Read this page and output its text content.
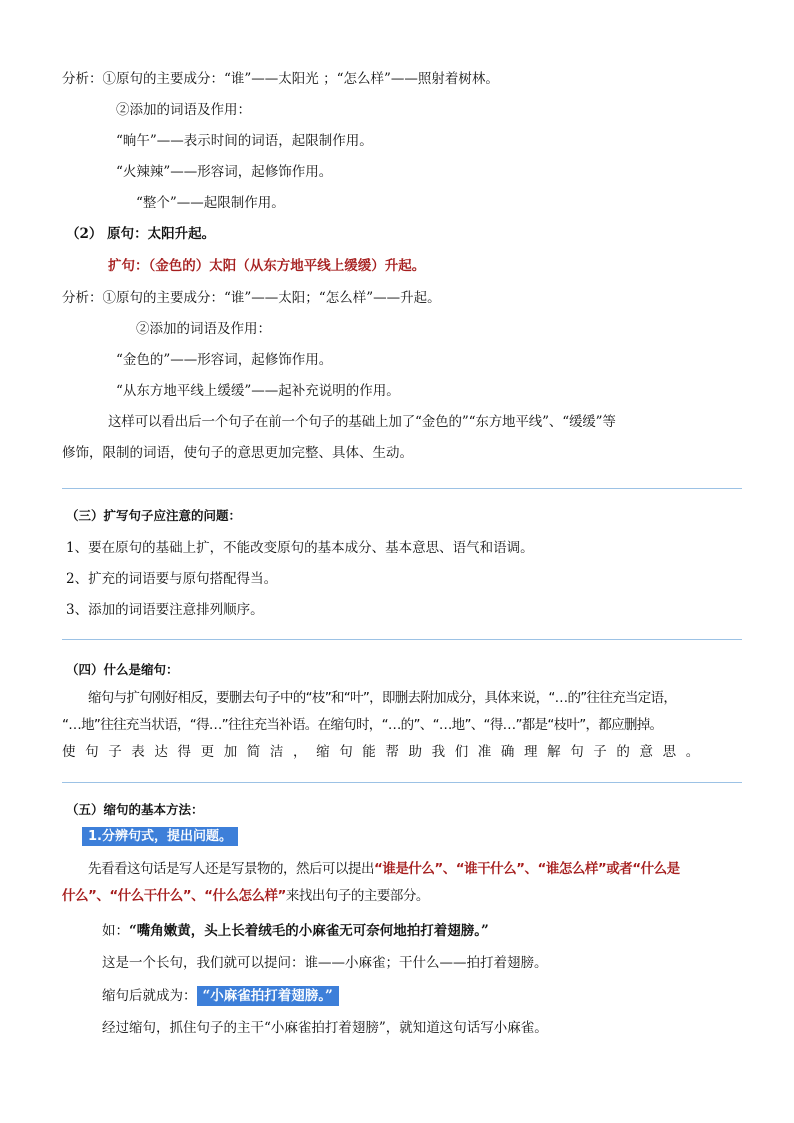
分析：①原句的主要成分：“谁”——太阳光 ；“怎么样”——照射着树林。
②添加的词语及作用：
“晌午”——表示时间的词语，起限制作用。
“火辣辣”——形容词，起修饰作用。
“整个”——起限制作用。
（2） 原句：太阳升起。
扩句：（金色的）太阳（从东方地平线上缓缓）升起。
分析：①原句的主要成分：“谁”——太阳；“怎么样”——升起。
②添加的词语及作用：
“金色的”——形容词，起修饰作用。
“从东方地平线上缓缓”——起补充说明的作用。
这样可以看出后一个句子在前一个句子的基础上加了“金色的”“东方地平线”、“缓缓”等
修饰，限制的词语，使句子的意思更加完整、具体、生动。
（三）扩写句子应注意的问题：
1、要在原句的基础上扩，不能改变原句的基本成分、基本意思、语气和语调。
2、扩充的词语要与原句搭配得当。
3、添加的词语要注意排列顺序。
（四）什么是缩句：
缩句与扩句刚好相反，要删去句子中的“枝”和“叶”，即删去附加成分，具体来说，“…的”往往充当定语，
“…地”往往充当状语，“得…”往往充当补语。在缩句时，“…的”、“…地”、“得…”都是“枝叶”，都应删掉。
使句子表达得更加简洁，缩句能帮助我们准确理解句子的意思。
（五）缩句的基本方法：
1.分辨句式，提出问题。
先看看这句话是写人还是写景物的，然后可以提出“谁是什么”、“谁干什么”、“谁怎么样”或者“什么是
什么”、“什么干什么”、“什么怎么样”来找出句子的主要部分。
如：“嘴角嫩黄，头上长着绒毛的小麻雀无可奈何地拍打着翅膀。”
这是一个长句，我们就可以提问：谁——小麻雀；干什么——拍打着翅膀。
缩句后就成为： “小麻雀拍打着翅膀。”
经过缩句，抓住句子的主干“小麻雀拍打着翅膀”，就知道这句话写小麻雀。
